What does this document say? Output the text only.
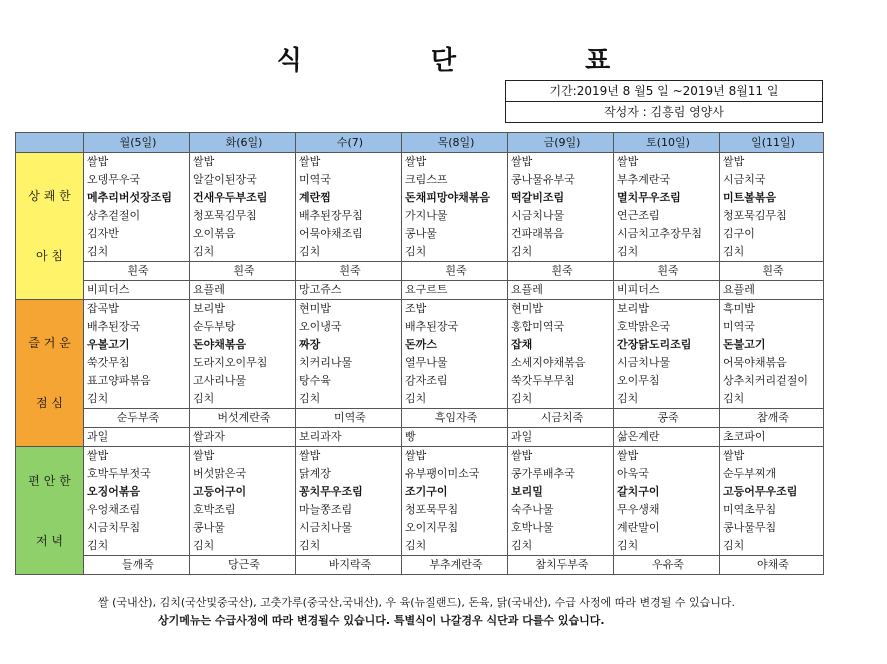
식 단 표
기간:2019년 8 월5 일 ~2019년 8월11 일
작성자 : 김흥림 영양사
	월(5일)	화(6일)	수(7)	목(8일)	금(9일)	토(10일)	일(11일)
상 쾌 한

아 침	쌀밥	쌀밥	쌀밥	쌀밥	쌀밥	쌀밥	쌀밥
	오뎅무우국	알갈이된장국	미역국	크림스프	콩나물유부국	부추계란국	시금치국
	메추리버섯장조림	건새우두부조림	계란찜	돈채피망야채볶음	떡갈비조림	멸치무우조림	미트볼볶음
	상추겉절이	청포묵김무침	배추된장무침	가지나물	시금치나물	연근조림	청포묵김무침
	김자반	오이볶음	어묵야채조림	콩나물	건파래볶음	시금치고추장무침	김구이
	김치	김치	김치	김치	김치	김치	김치
	흰죽	흰죽	흰죽	흰죽	흰죽	흰죽	흰죽
	비피더스	요플레	망고쥬스	요구르트	요플레	비피더스	요플레
즐 거 운

점 심	잡곡밥	보리밥	현미밥	조밥	현미밥	보리밥	흑미밥
	배추된장국	순두부탕	오이냉국	배추된장국	홍합미역국	호박맑은국	미역국
	우볼고기	돈야채볶음	짜장	돈까스	잡채	간장닭도리조림	돈불고기
	쑥갓무침	도라지오이무침	치커리나물	열무나물	소세지야채볶음	시금치나물	어묵야채볶음
	표고양파볶음	고사리나물	탕수육	감자조림	쑥갓두부무침	오이무침	상추치커리겉절이
	김치	김치	김치	김치	김치	김치	김치
	순두부죽	버섯계란죽	미역죽	흑임자죽	시금치죽	콩죽	참깨죽
	과일	쌀과자	보리과자	빵	과일	삶은계란	초코파이
편 안 한

저 녁	쌀밥	쌀밥	쌀밥	쌀밥	쌀밥	쌀밥	쌀밥
	호박두부젓국	버섯맑은국	닭계장	유부팽이미소국	콩가루배추국	아욱국	순두부찌개
	오징어볶음	고등어구이	꽁치무우조림	조기구이	보리밀	갈치구이	고등어무우조림
	우엉채조림	호박조림	마늘쫑조림	청포묵무침	숙주나물	무우생채	미역초무침
	시금치무침	콩나물	시금치나물	오이지무침	호박나물	계란말이	콩나물무침
	김치	김치	김치	김치	김치	김치	김치
	들깨죽	당근죽	바지락죽	부추계란죽	참치두부죽	우유죽	야채죽
쌀 (국내산), 김치(국산및중국산), 고춧가루(중국산,국내산), 우 육(뉴질랜드), 돈육, 닭(국내산), 수급 사정에 따라 변경될 수 있습니다.
상기메뉴는 수급사정에 따라 변경될수 있습니다. 특별식이 나갈경우 식단과 다를수 있습니다.
